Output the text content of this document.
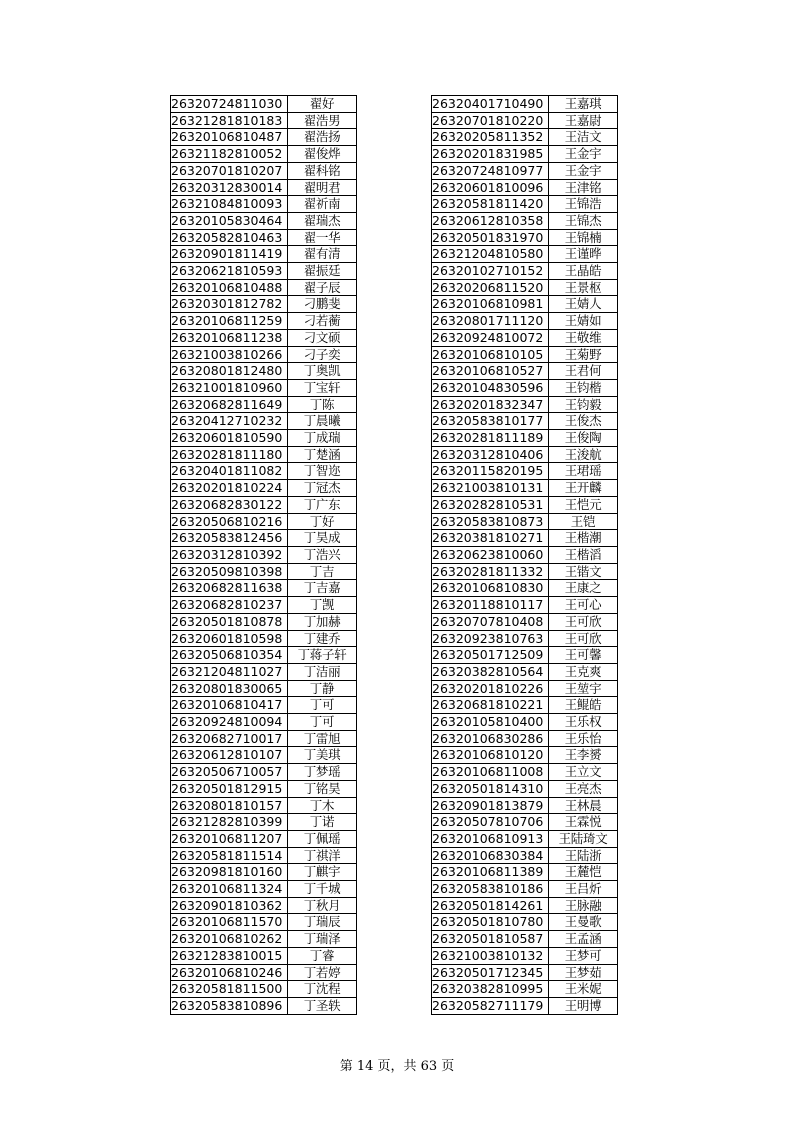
26320724811030	翟好
26321281810183	翟浩男
26320106810487	翟浩扬
26321182810052	翟俊烨
26320701810207	翟科铭
26320312830014	翟明君
26321084810093	翟祈南
26320105830464	翟瑞杰
26320582810463	翟一华
26320901811419	翟有清
26320621810593	翟振廷
26320106810488	翟子辰
26320301812782	刁鹏斐
26320106811259	刁若蘅
26320106811238	刁文硕
26321003810266	刁子奕
26320801812480	丁奥凯
26321001810960	丁宝轩
26320682811649	丁陈
26320412710232	丁晨曦
26320601810590	丁成瑞
26320281811180	丁楚涵
26320401811082	丁智迩
26320201810224	丁冠杰
26320682830122	丁广东
26320506810216	丁好
26320583812456	丁昊成
26320312810392	丁浩兴
26320509810398	丁吉
26320682811638	丁吉嘉
26320682810237	丁觊
26320501810878	丁加赫
26320601810598	丁建乔
26320506810354	丁蒋子轩
26321204811027	丁洁丽
26320801830065	丁静
26320106810417	丁可
26320924810094	丁可
26320682710017	丁雷旭
26320612810107	丁美琪
26320506710057	丁梦瑶
26320501812915	丁铭昊
26320801810157	丁木
26321282810399	丁诺
26320106811207	丁佩瑶
26320581811514	丁祺洋
26320981810160	丁麒宇
26320106811324	丁千城
26320901810362	丁秋月
26320106811570	丁瑞辰
26320106810262	丁瑞泽
26321283810015	丁睿
26320106810246	丁若婷
26320581811500	丁沈程
26320583810896	丁圣轶
26320401710490	王嘉琪
26320701810220	王嘉尉
26320205811352	王洁文
26320201831985	王金宇
26320724810977	王金宇
26320601810096	王津铭
26320581811420	王锦浩
26320612810358	王锦杰
26320501831970	王锦楠
26321204810580	王谨晔
26320102710152	王晶皓
26320206811520	王景枢
26320106810981	王婧人
26320801711120	王婧如
26320924810072	王敬维
26320106810105	王菊野
26320106810527	王君何
26320104830596	王钧楷
26320201832347	王钧毅
26320583810177	王俊杰
26320281811189	王俊陶
26320312810406	王浚航
26320115820195	王珺瑶
26321003810131	王开麟
26320282810531	王恺元
26320583810873	王铠
26320381810271	王楷潮
26320623810060	王楷滔
26320281811332	王锴文
26320106810830	王康之
26320118810117	王可心
26320707810408	王可欣
26320923810763	王可欣
26320501712509	王可馨
26320382810564	王克爽
26320201810226	王堃宇
26320681810221	王鲲皓
26320105810400	王乐权
26320106830286	王乐怡
26320106810120	王李赟
26320106811008	王立文
26320501814310	王亮杰
26320901813879	王林晨
26320507810706	王霖悦
26320106810913	王陆琦文
26320106830384	王陆浙
26320106811389	王麓恺
26320583810186	王吕炘
26320501814261	王脉融
26320501810780	王曼歌
26320501810587	王孟涵
26321003810132	王梦可
26320501712345	王梦茹
26320382810995	王米妮
26320582711179	王明博
第 14 页，共 63 页
